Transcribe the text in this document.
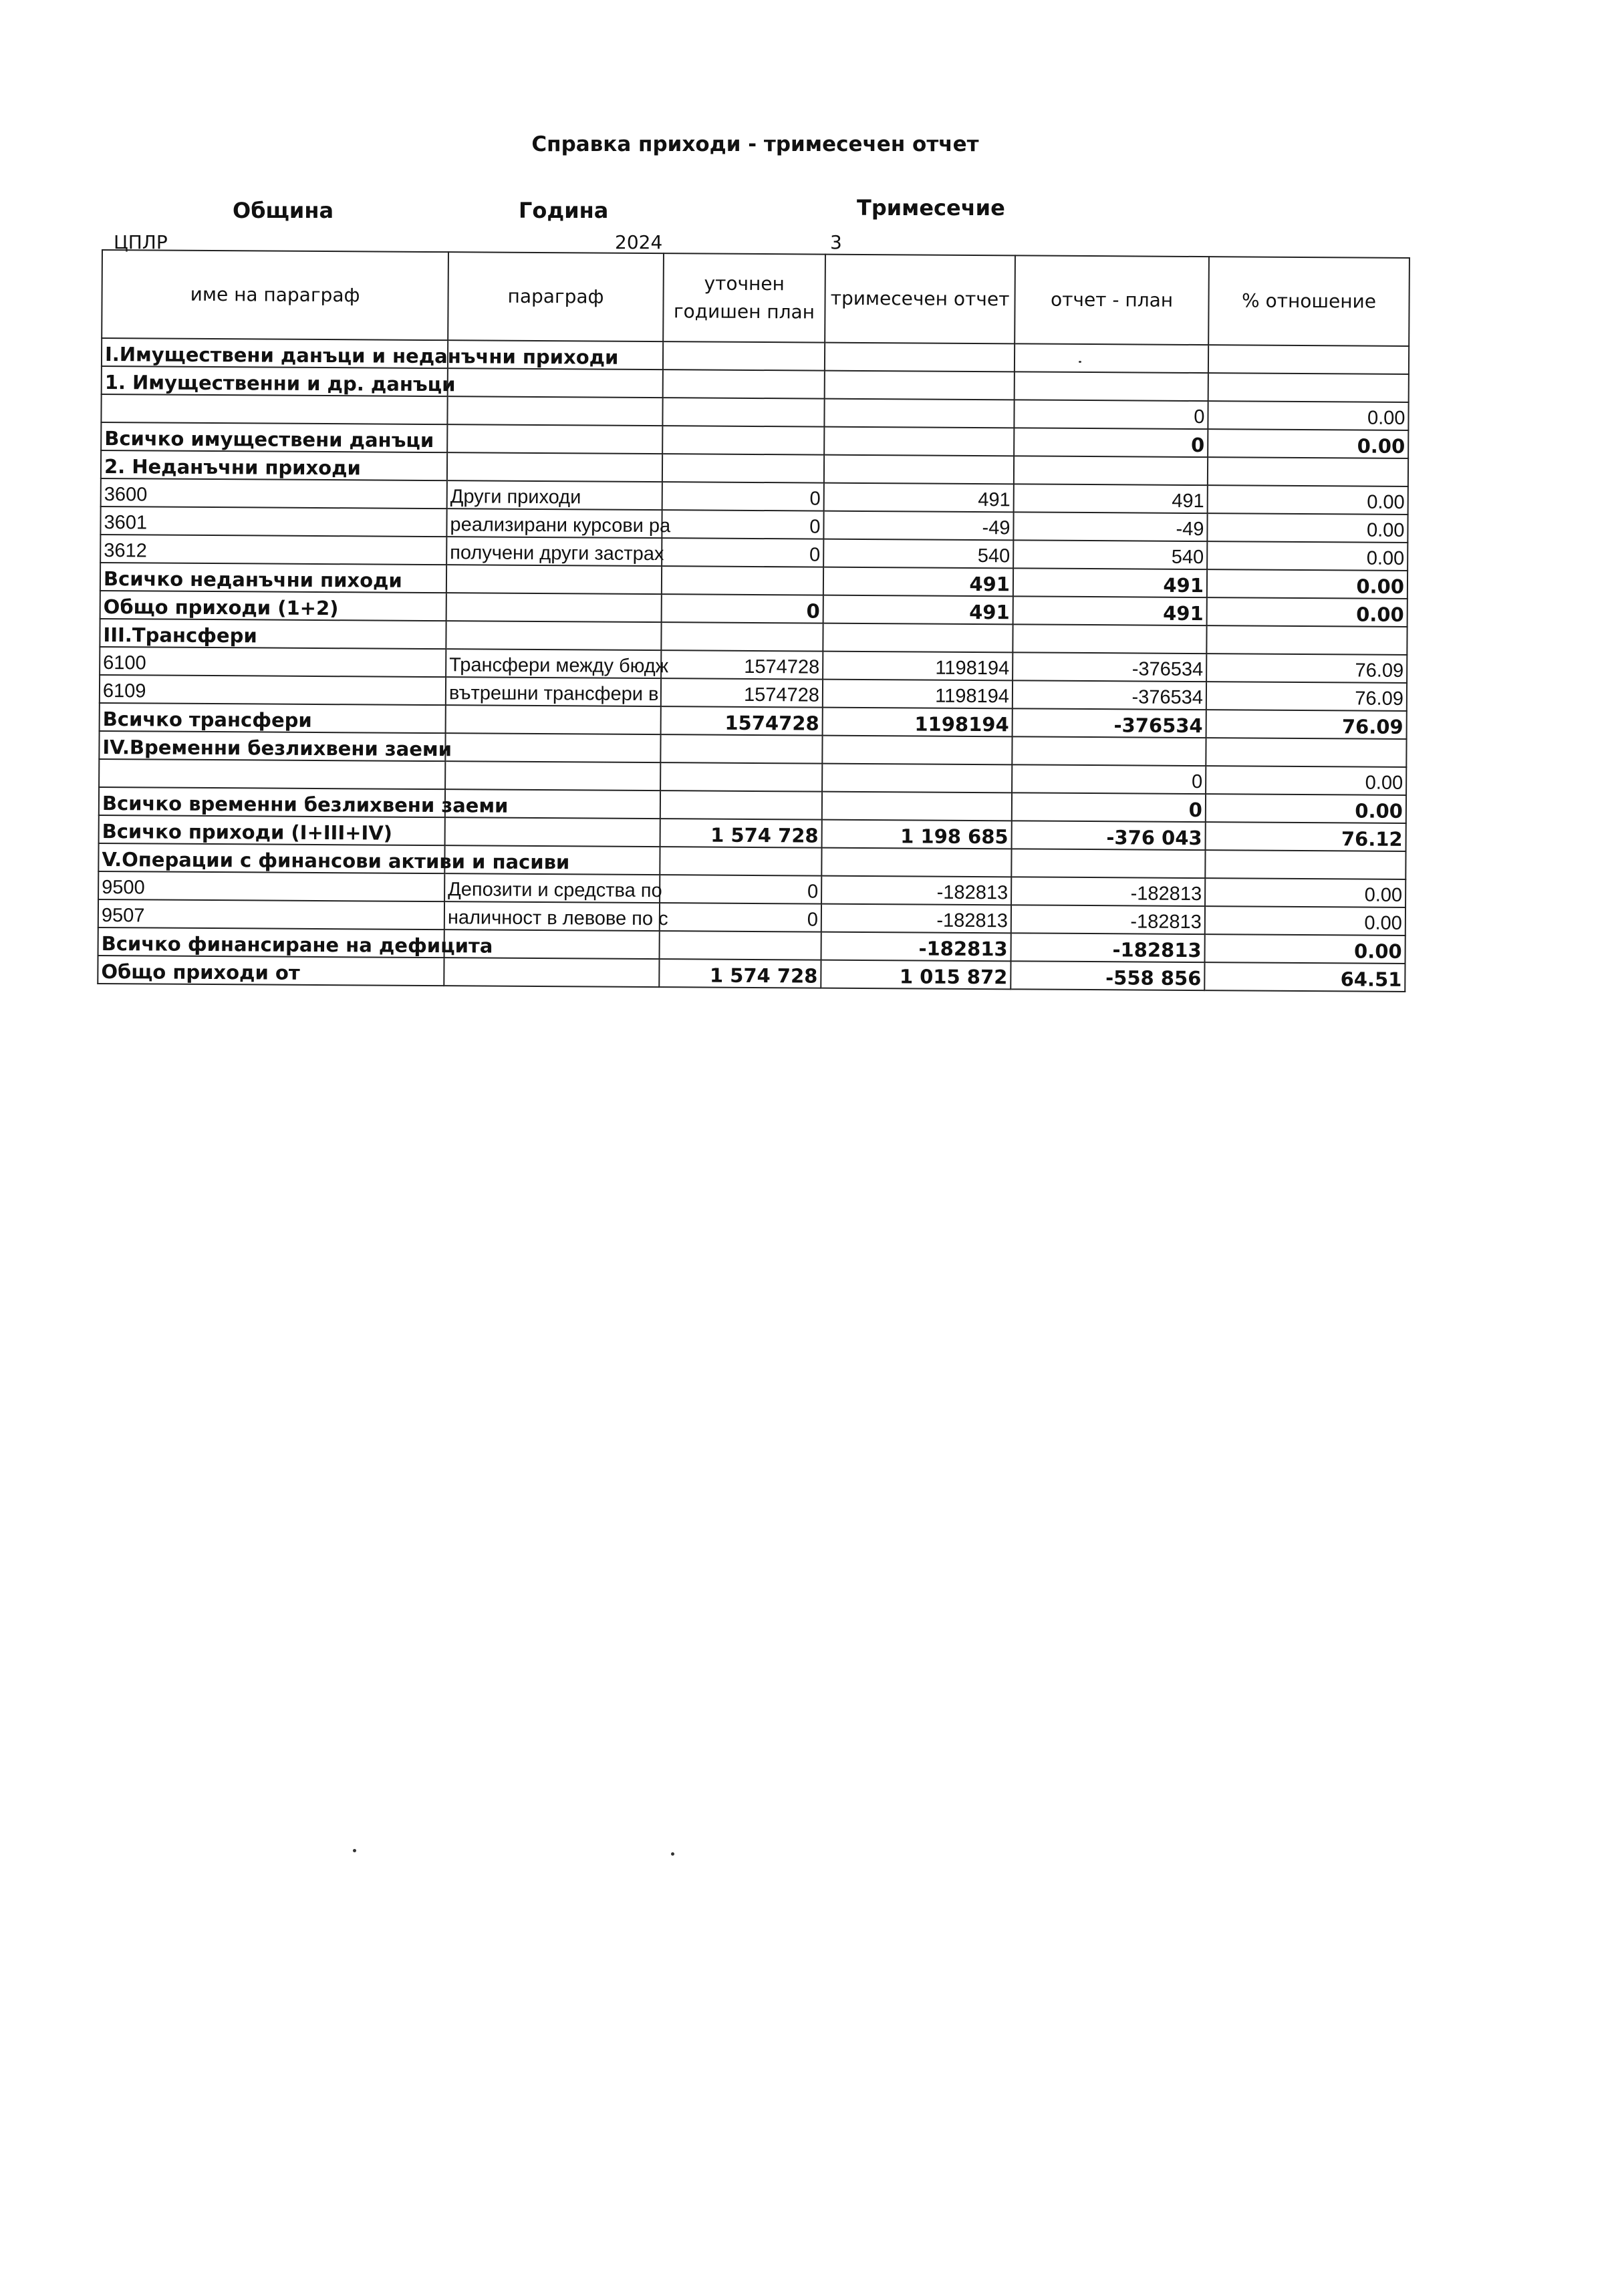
Справка приходи - тримесечен отчет
Община	Година	Тримесечие
ЦПЛР	2024	3
име на параграф	параграф	уточнен годишен план	тримесечен отчет	отчет - план	% отношение
I.Имуществени данъци и неданъчни приходи					
1. Имущественни и др. данъци					
				0	0.00
Всичко имуществени данъци				0	0.00
2. Неданъчни приходи					
3600	Други приходи	0	491	491	0.00
3601	реализирани курсови ра	0	-49	-49	0.00
3612	получени други застрах	0	540	540	0.00
Всичко неданъчни пиходи			491	491	0.00
Общо приходи (1+2)		0	491	491	0.00
III.Трансфери					
6100	Трансфери между бюдж	1574728	1198194	-376534	76.09
6109	вътрешни трансфери в	1574728	1198194	-376534	76.09
Всичко трансфери		1574728	1198194	-376534	76.09
IV.Временни безлихвени заеми					
				0	0.00
Всичко временни безлихвени заеми				0	0.00
Всичко приходи (I+III+IV)		1 574 728	1 198 685	-376 043	76.12
V.Операции с финансови активи и пасиви					
9500	Депозити и средства по	0	-182813	-182813	0.00
9507	наличност в левове по с	0	-182813	-182813	0.00
Всичко финансиране на дефицита			-182813	-182813	0.00
Общо приходи от		1 574 728	1 015 872	-558 856	64.51
